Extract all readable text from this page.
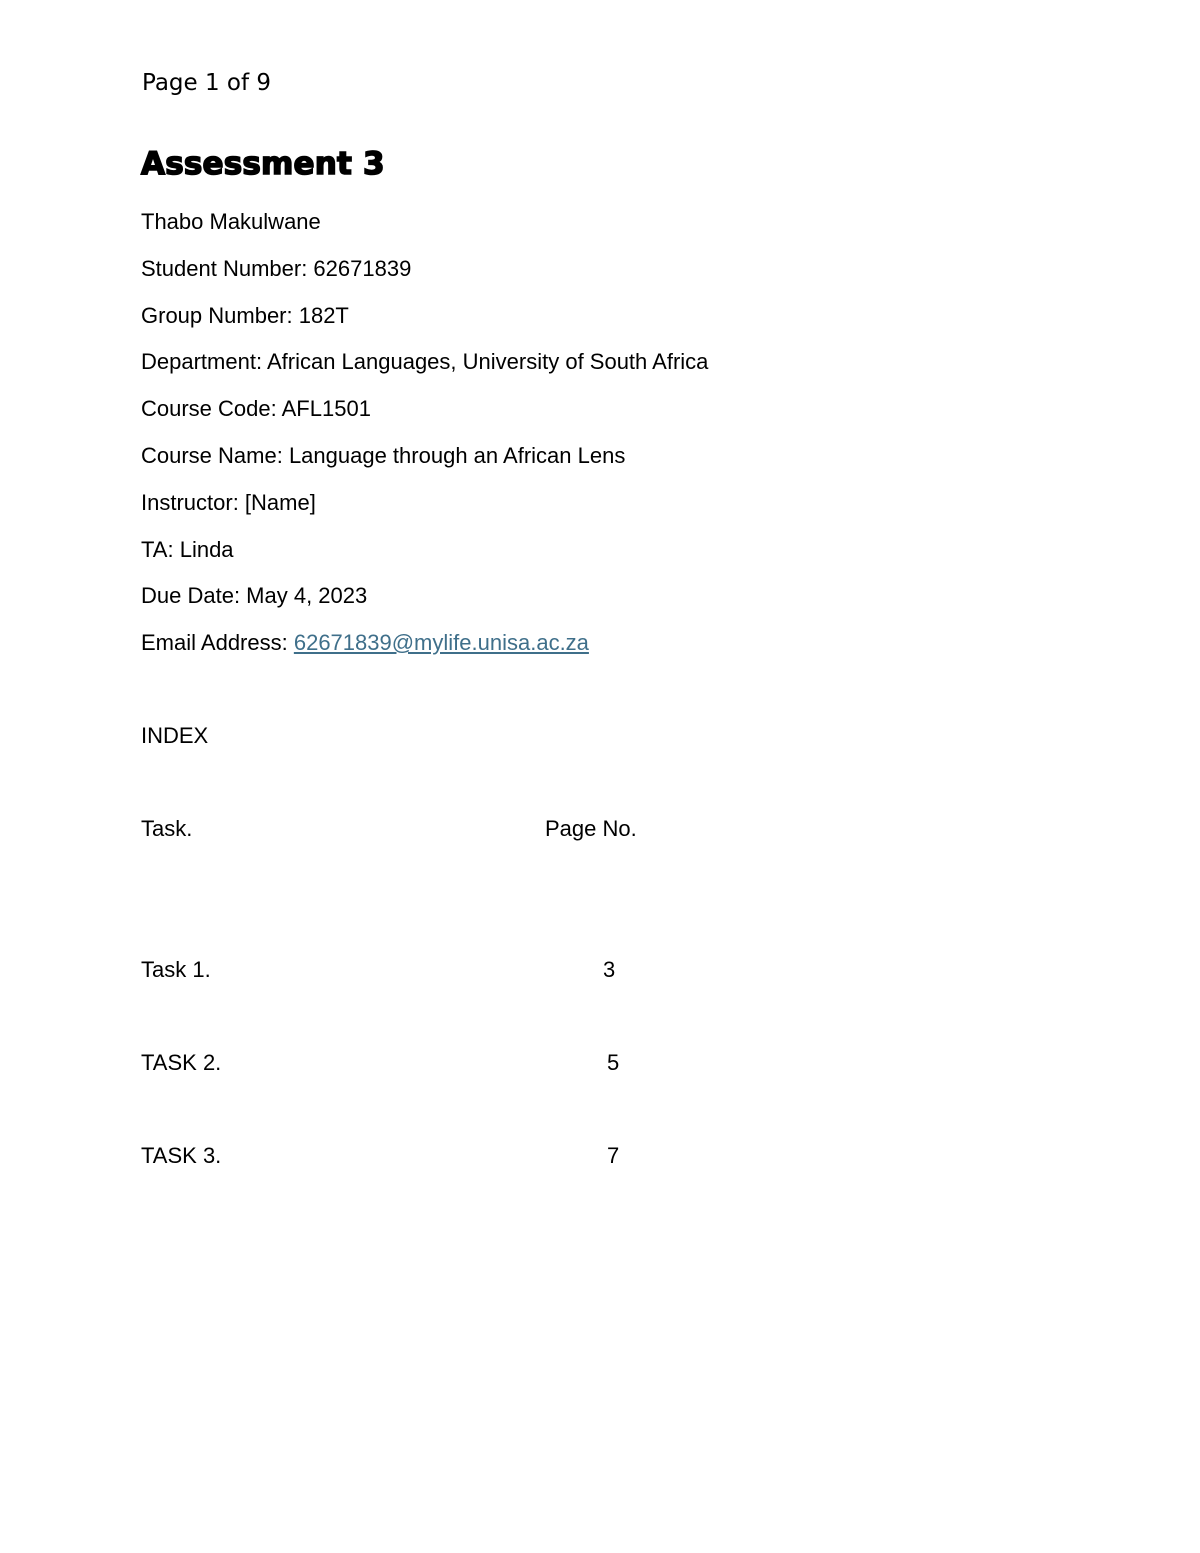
Page 1 of 9
Assessment 3
Thabo Makulwane
Student Number: 62671839
Group Number: 182T
Department: African Languages, University of South Africa
Course Code: AFL1501
Course Name: Language through an African Lens
Instructor: [Name]
TA: Linda
Due Date: May 4, 2023
Email Address: 62671839@mylife.unisa.ac.za
INDEX
Task.	Page No.
Task 1.	3
TASK 2.	5
TASK 3.	7
